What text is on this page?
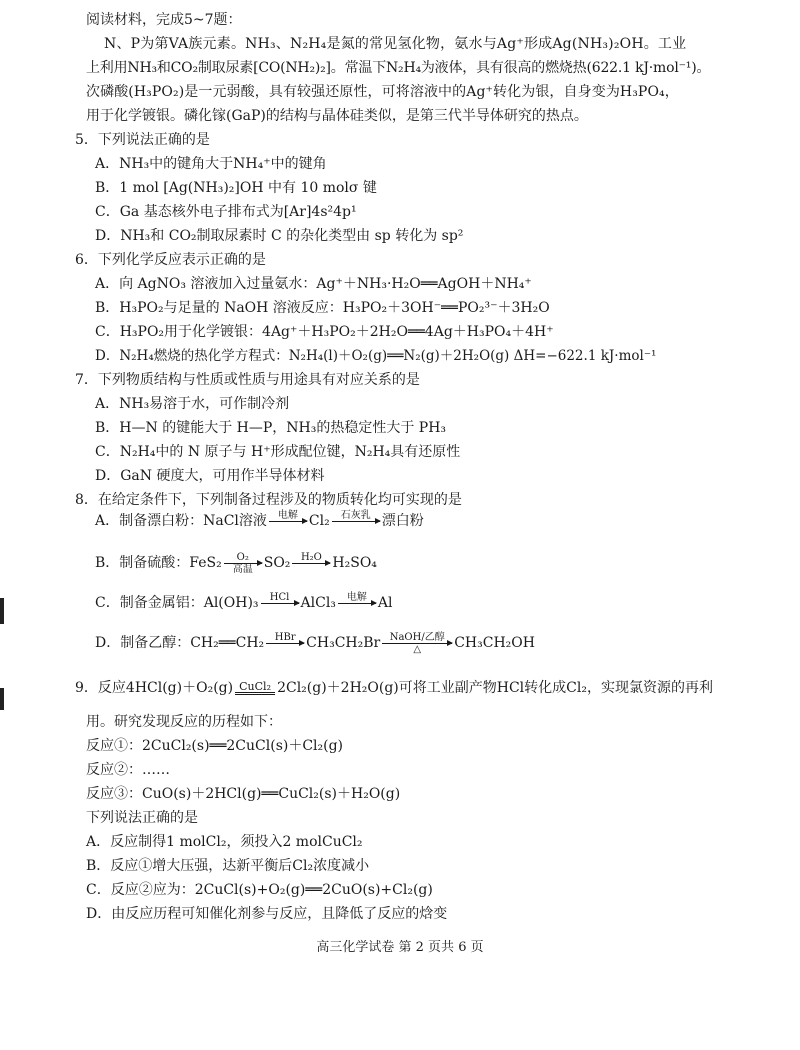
阅读材料，完成5~7题：
N、P为第VA族元素。NH₃、N₂H₄是氮的常见氢化物，氨水与Ag⁺形成Ag(NH₃)₂OH。工业
上利用NH₃和CO₂制取尿素[CO(NH₂)₂]。常温下N₂H₄为液体，具有很高的燃烧热(622.1 kJ·mol⁻¹)。
次磷酸(H₃PO₂)是一元弱酸，具有较强还原性，可将溶液中的Ag⁺转化为银，自身变为H₃PO₄，
用于化学镀银。磷化镓(GaP)的结构与晶体硅类似，是第三代半导体研究的热点。
5．下列说法正确的是
A．NH₃中的键角大于NH₄⁺中的键角
B．1 mol [Ag(NH₃)₂]OH 中有 10 molσ 键
C．Ga 基态核外电子排布式为[Ar]4s²4p¹
D．NH₃和 CO₂制取尿素时 C 的杂化类型由 sp 转化为 sp²
6．下列化学反应表示正确的是
A．向 AgNO₃ 溶液加入过量氨水：Ag⁺＋NH₃·H₂O══AgOH＋NH₄⁺
B．H₃PO₂与足量的 NaOH 溶液反应：H₃PO₂＋3OH⁻══PO₂³⁻＋3H₂O
C．H₃PO₂用于化学镀银：4Ag⁺＋H₃PO₂＋2H₂O══4Ag＋H₃PO₄＋4H⁺
D．N₂H₄燃烧的热化学方程式：N₂H₄(l)＋O₂(g)══N₂(g)＋2H₂O(g) ΔH=−622.1 kJ·mol⁻¹
7．下列物质结构与性质或性质与用途具有对应关系的是
A．NH₃易溶于水，可作制冷剂
B．H—N 的键能大于 H—P，NH₃的热稳定性大于 PH₃
C．N₂H₄中的 N 原子与 H⁺形成配位键，N₂H₄具有还原性
D．GaN 硬度大，可用作半导体材料
8．在给定条件下，下列制备过程涉及的物质转化均可实现的是
A．制备漂白粉：NaCl溶液	电解 Cl₂	石灰乳 漂白粉
B．制备硫酸：FeS₂	O₂
高温 SO₂	H₂O H₂SO₄
C．制备金属铝：Al(OH)₃	HCl AlCl₃	电解 Al
D．制备乙醇：CH₂══CH₂	HBr CH₃CH₂Br NaOH/乙醇
△	CH₃CH₂OH
9．反应4HCl(g)＋O₂(g) CuCl₂ 2Cl₂(g)＋2H₂O(g)可将工业副产物HCl转化成Cl₂，实现氯资源的再利
用。研究发现反应的历程如下：
反应①：2CuCl₂(s)══2CuCl(s)＋Cl₂(g)
反应②：……
反应③：CuO(s)＋2HCl(g)══CuCl₂(s)＋H₂O(g)
下列说法正确的是
A．反应制得1 molCl₂，须投入2 molCuCl₂
B．反应①增大压强，达新平衡后Cl₂浓度减小
C．反应②应为：2CuCl(s)+O₂(g)══2CuO(s)+Cl₂(g)
D．由反应历程可知催化剂参与反应，且降低了反应的焓变
高三化学试卷 第 2 页共 6 页
